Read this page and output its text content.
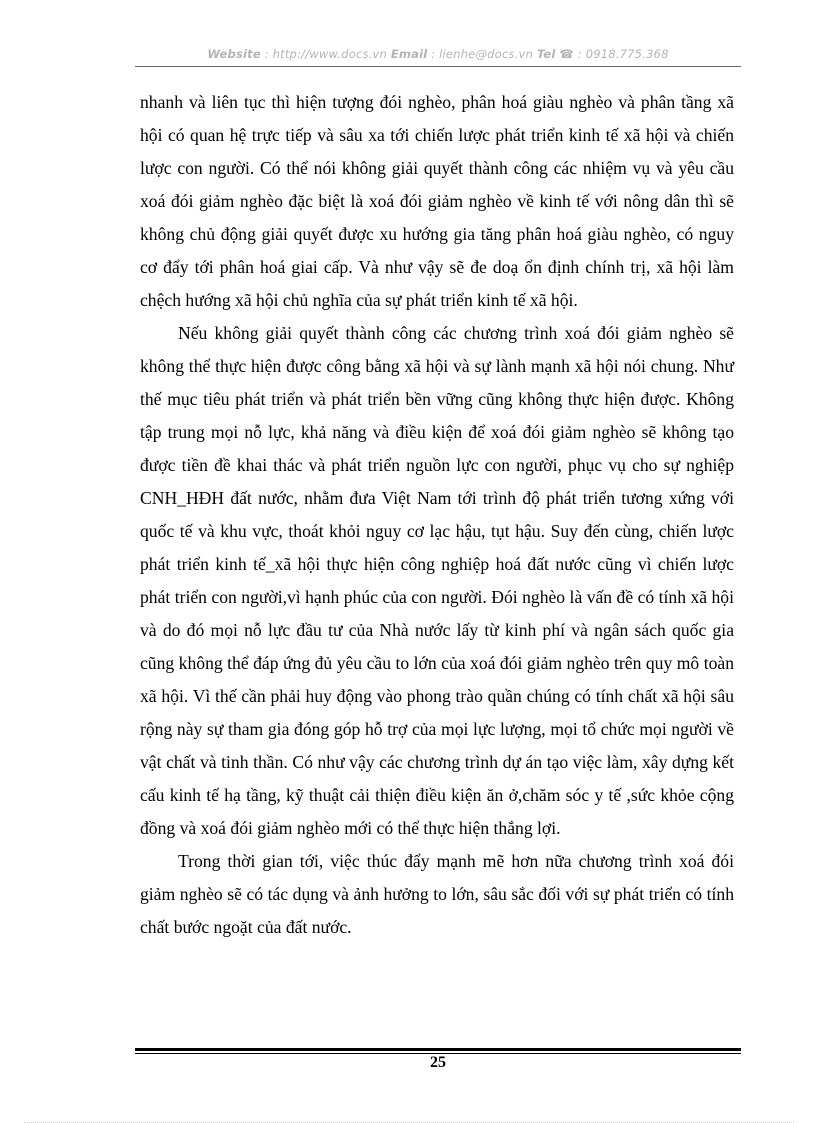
Website : http://www.docs.vn Email : lienhe@docs.vn Tel ☎ : 0918.775.368

nhanh và liên tục thì hiện tượng đói nghèo, phân hoá giàu nghèo và phân tầng xã hội có quan hệ trực tiếp và sâu xa tới chiến lược phát triển kinh tế xã hội và chiến lược con người. Có thể nói không giải quyết thành công các nhiệm vụ và yêu cầu xoá đói giảm nghèo đặc biệt là xoá đói giảm nghèo về kinh tế với nông dân thì sẽ không chủ động giải quyết được xu hướng gia tăng phân hoá giàu nghèo, có nguy cơ đẩy tới phân hoá giai cấp. Và như vậy sẽ đe doạ ổn định chính trị, xã hội làm chệch hướng xã hội chủ nghĩa của sự phát triển kinh tế xã hội.

Nếu không giải quyết thành công các chương trình xoá đói giảm nghèo sẽ không thể thực hiện được công bằng xã hội và sự lành mạnh xã hội nói chung. Như thế mục tiêu phát triển và phát triển bền vững cũng không thực hiện được. Không tập trung mọi nỗ lực, khả năng và điều kiện để xoá đói giảm nghèo sẽ không tạo được tiền đề khai thác và phát triển nguồn lực con người, phục vụ cho sự nghiệp CNH_HĐH đất nước, nhằm đưa Việt Nam tới trình độ phát triển tương xứng với quốc tế và khu vực, thoát khỏi nguy cơ lạc hậu, tụt hậu. Suy đến cùng, chiến lược phát triển kinh tế_xã hội thực hiện công nghiệp hoá đất nước cũng vì chiến lược phát triển con người,vì hạnh phúc của con người. Đói nghèo là vấn đề có tính xã hội và do đó mọi nỗ lực đầu tư của Nhà nước lấy từ kinh phí và ngân sách quốc gia cũng không thể đáp ứng đủ yêu cầu to lớn của xoá đói giảm nghèo trên quy mô toàn xã hội. Vì thế cần phải huy động vào phong trào quần chúng có tính chất xã hội sâu rộng này sự tham gia đóng góp hỗ trợ của mọi lực lượng, mọi tổ chức mọi người về vật chất và tinh thần. Có như vậy các chương trình dự án tạo việc làm, xây dựng kết cấu kinh tế hạ tầng, kỹ thuật cải thiện điều kiện ăn ở,chăm sóc y tế ,sức khỏe cộng đồng và xoá đói giảm nghèo mới có thể thực hiện thắng lợi.

Trong thời gian tới, việc thúc đẩy mạnh mẽ hơn nữa chương trình xoá đói giảm nghèo sẽ có tác dụng và ảnh hưởng to lớn, sâu sắc đối với sự phát triển có tính chất bước ngoặt của đất nước.

25
